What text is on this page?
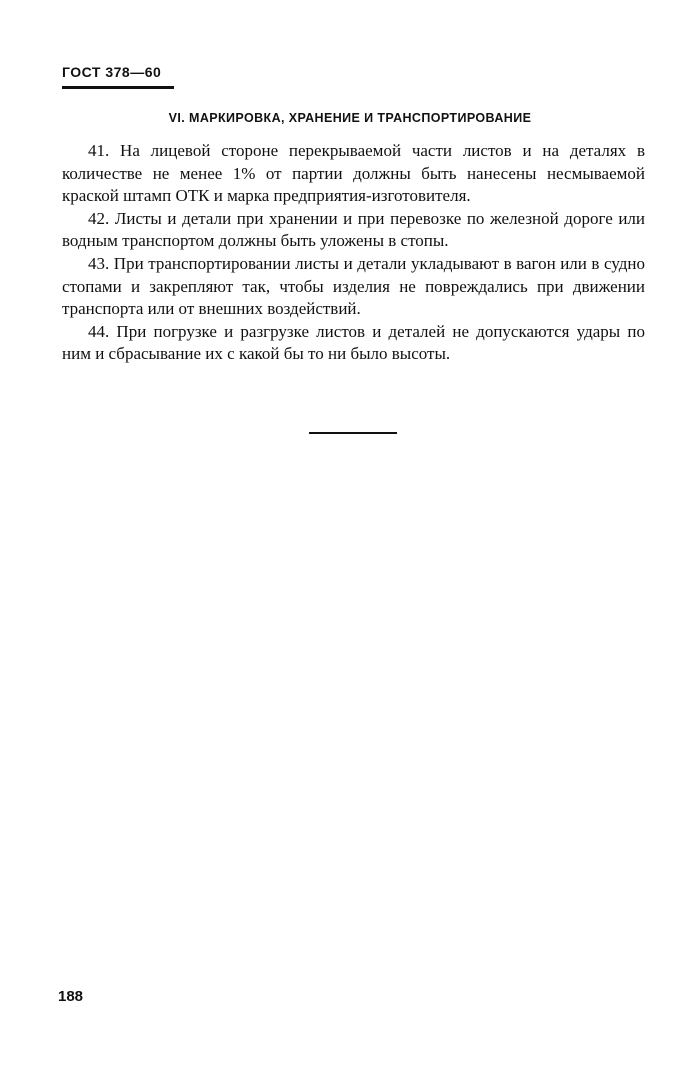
ГОСТ 378—60
VI. МАРКИРОВКА, ХРАНЕНИЕ И ТРАНСПОРТИРОВАНИЕ

41. На лицевой стороне перекрываемой части листов и на деталях в количестве не менее 1% от партии должны быть нанесены несмываемой краской штамп ОТК и марка предприятия-изготовителя.

42. Листы и детали при хранении и при перевозке по железной дороге или водным транспортом должны быть уложены в стопы.

43. При транспортировании листы и детали укладывают в вагон или в судно стопами и закрепляют так, чтобы изделия не повреждались при движении транспорта или от внешних воздействий.

44. При погрузке и разгрузке листов и деталей не допускаются удары по ним и сбрасывание их с какой бы то ни было высоты.

188
